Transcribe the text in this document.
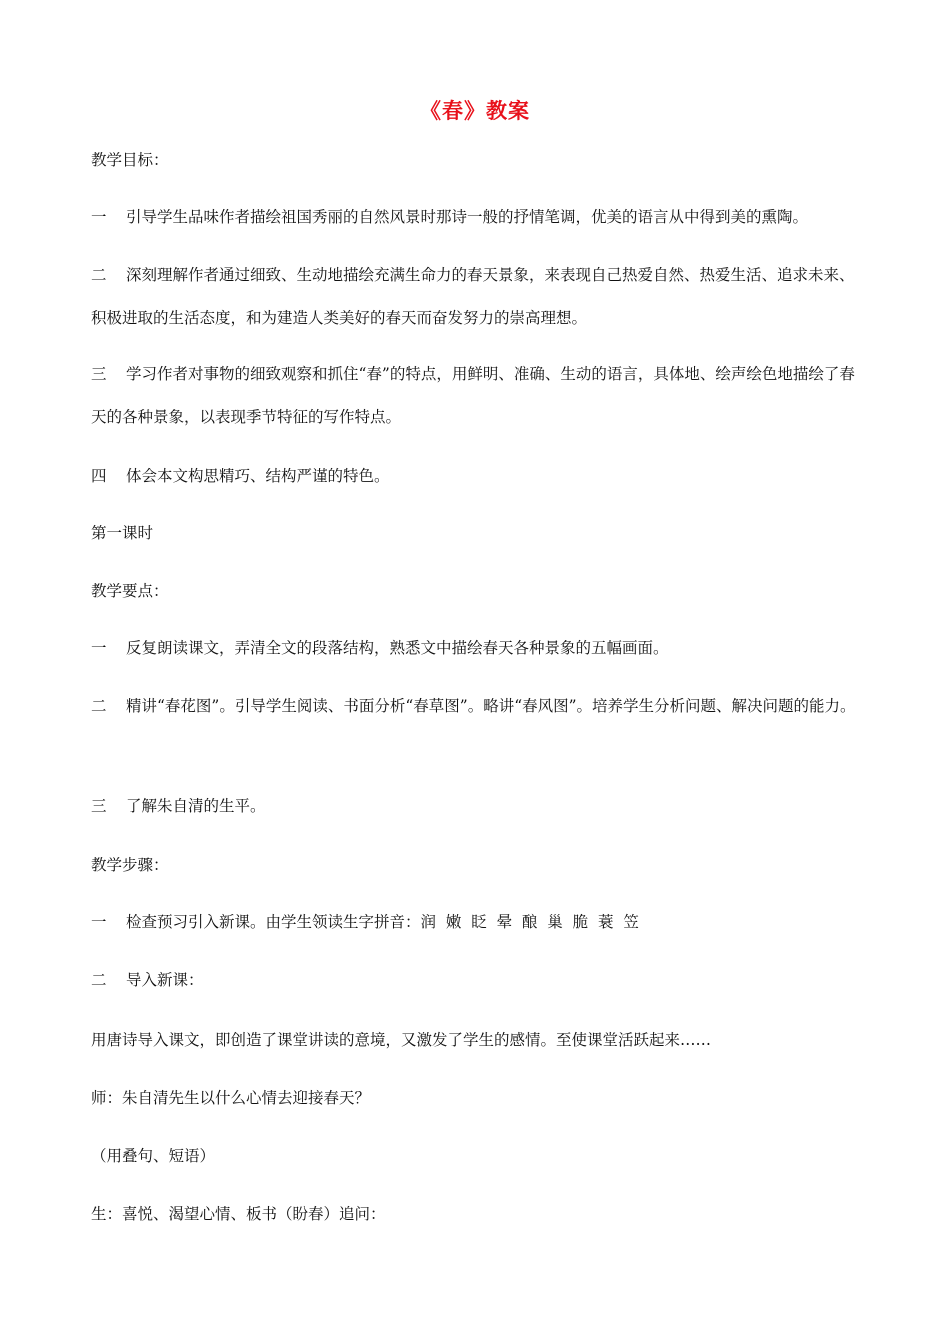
《春》教案
教学目标：
一 引导学生品味作者描绘祖国秀丽的自然风景时那诗一般的抒情笔调，优美的语言从中得到美的熏陶。
二 深刻理解作者通过细致、生动地描绘充满生命力的春天景象，来表现自己热爱自然、热爱生活、追求未来、积极进取的生活态度，和为建造人类美好的春天而奋发努力的崇高理想。
三 学习作者对事物的细致观察和抓住“春”的特点，用鲜明、准确、生动的语言，具体地、绘声绘色地描绘了春天的各种景象，以表现季节特征的写作特点。
四 体会本文构思精巧、结构严谨的特色。
第一课时
教学要点：
一 反复朗读课文，弄清全文的段落结构，熟悉文中描绘春天各种景象的五幅画面。
二 精讲“春花图”。引导学生阅读、书面分析“春草图”。略讲“春风图”。培养学生分析问题、解决问题的能力。
三 了解朱自清的生平。
教学步骤：
一 检查预习引入新课。由学生领读生字拼音：润  嫩  眨  晕  酿  巢  脆  蓑  笠
二 导入新课：
用唐诗导入课文，即创造了课堂讲读的意境，又激发了学生的感情。至使课堂活跃起来……
师：朱自清先生以什么心情去迎接春天？
（用叠句、短语）
生：喜悦、渴望心情、板书（盼春）追问：
